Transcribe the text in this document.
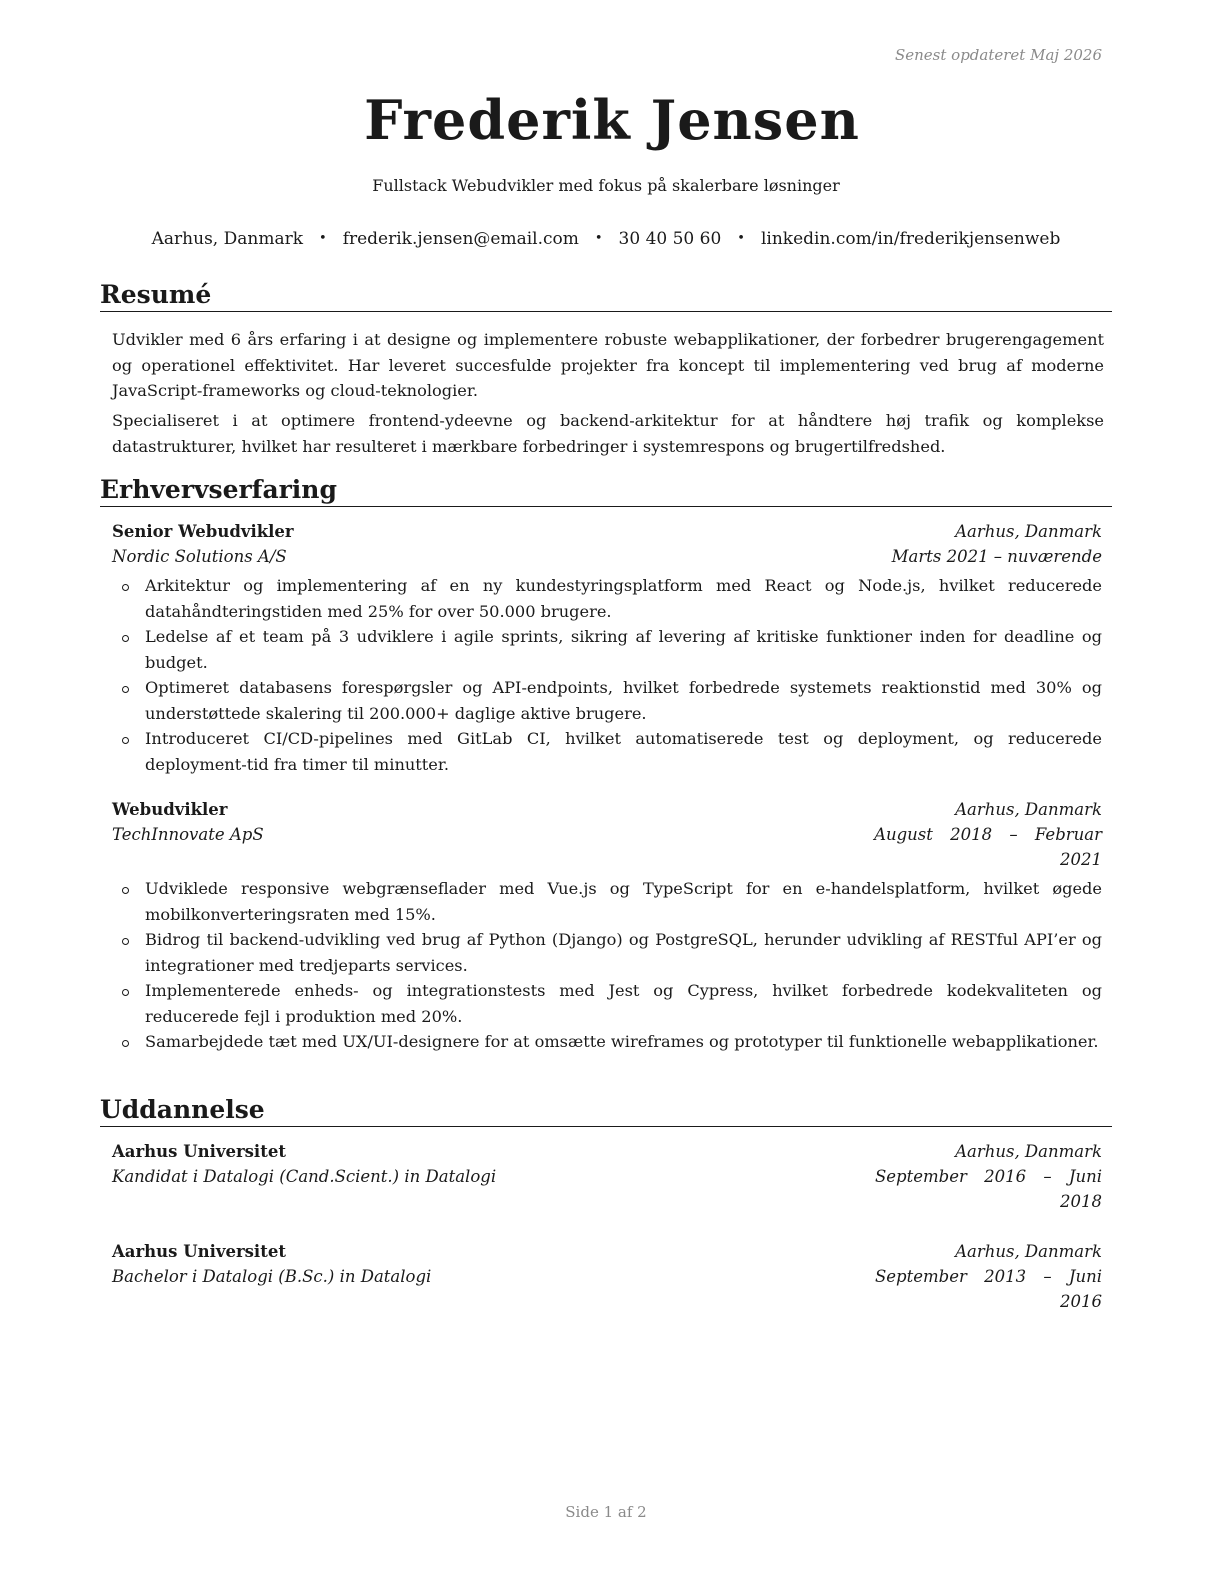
Senest opdateret Maj 2026
Frederik Jensen
Fullstack Webudvikler med fokus på skalerbare løsninger
Aarhus, Danmark • frederik.jensen@email.com • 30 40 50 60 • linkedin.com/in/frederikjensenweb
Resumé

Udvikler med 6 års erfaring i at designe og implementere robuste webapplikationer, der forbedrer brugerengagement og operationel effektivitet. Har leveret succesfulde projekter fra koncept til implementering ved brug af moderne JavaScript-frameworks og cloud-teknologier.

Specialiseret i at optimere frontend-ydeevne og backend-arkitektur for at håndtere høj trafik og komplekse datastrukturer, hvilket har resulteret i mærkbare forbedringer i systemrespons og brugertilfredshed.

Erhvervserfaring
Senior Webudvikler	Aarhus, Danmark
Nordic Solutions A/S	Marts 2021 – nuværende
Arkitektur og implementering af en ny kundestyringsplatform med React og Node.js, hvilket reducerede datahåndteringstiden med 25% for over 50.000 brugere.
Ledelse af et team på 3 udviklere i agile sprints, sikring af levering af kritiske funktioner inden for deadline og budget.
Optimeret databasens forespørgsler og API-endpoints, hvilket forbedrede systemets reaktionstid med 30% og understøttede skalering til 200.000+ daglige aktive brugere.
Introduceret CI/CD-pipelines med GitLab CI, hvilket automatiserede test og deployment, og reducerede deployment-tid fra timer til minutter.
Webudvikler	Aarhus, Danmark
TechInnovate ApS	August 2018 – Februar
2021
Udviklede responsive webgrænseflader med Vue.js og TypeScript for en e-handelsplatform, hvilket øgede mobilkonverteringsraten med 15%.
Bidrog til backend-udvikling ved brug af Python (Django) og PostgreSQL, herunder udvikling af RESTful API’er og integrationer med tredjeparts services.
Implementerede enheds- og integrationstests med Jest og Cypress, hvilket forbedrede kodekvaliteten og reducerede fejl i produktion med 20%.
Samarbejdede tæt med UX/UI-designere for at omsætte wireframes og prototyper til funktionelle webapplikationer.
Uddannelse
Aarhus Universitet	Aarhus, Danmark
Kandidat i Datalogi (Cand.Scient.) in Datalogi	September 2016 – Juni
2018
Aarhus Universitet	Aarhus, Danmark
Bachelor i Datalogi (B.Sc.) in Datalogi	September 2013 – Juni
2016
Side 1 af 2
